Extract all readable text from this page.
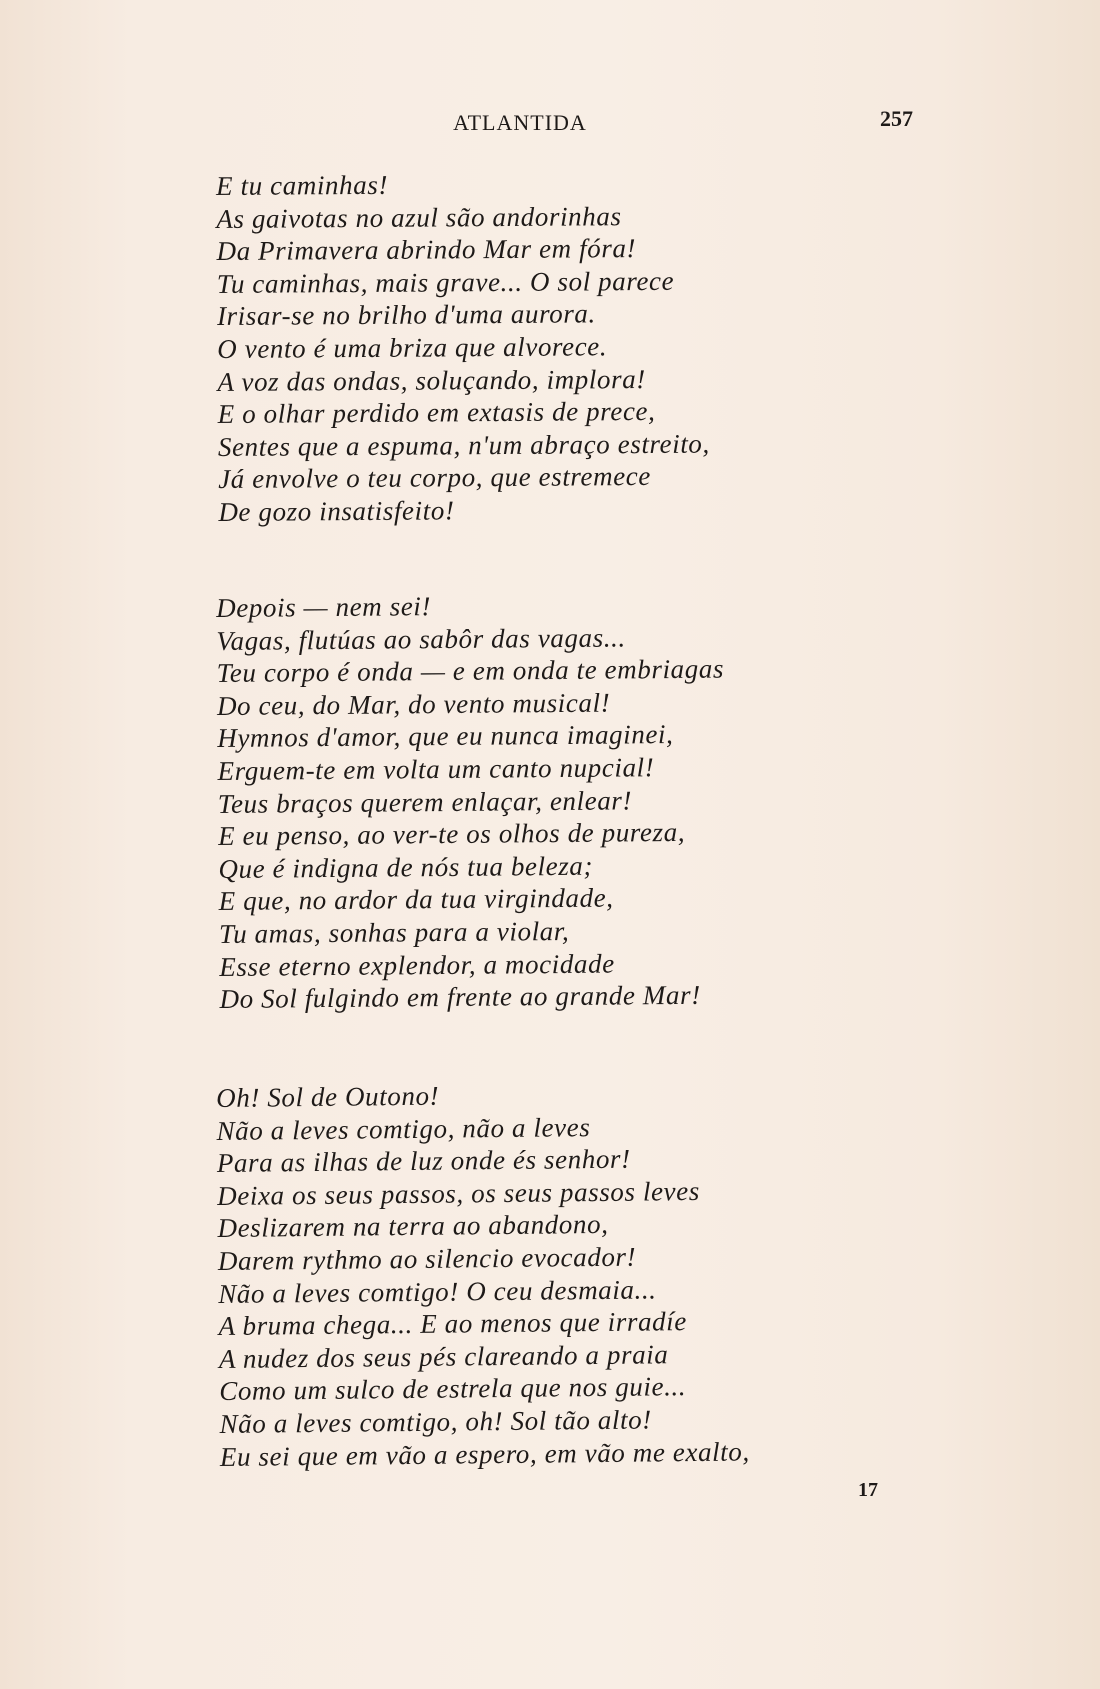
ATLANTIDA	257
E tu caminhas!
As gaivotas no azul são andorinhas
Da Primavera abrindo Mar em fóra!
Tu caminhas, mais grave... O sol parece
Irisar-se no brilho d'uma aurora.
O vento é uma briza que alvorece.
A voz das ondas, soluçando, implora!
E o olhar perdido em extasis de prece,
Sentes que a espuma, n'um abraço estreito,
Já envolve o teu corpo, que estremece
De gozo insatisfeito!
Depois — nem sei!
Vagas, flutúas ao sabôr das vagas...
Teu corpo é onda — e em onda te embriagas
Do ceu, do Mar, do vento musical!
Hymnos d'amor, que eu nunca imaginei,
Erguem-te em volta um canto nupcial!
Teus braços querem enlaçar, enlear!
E eu penso, ao ver-te os olhos de pureza,
Que é indigna de nós tua beleza;
E que, no ardor da tua virgindade,
Tu amas, sonhas para a violar,
Esse eterno explendor, a mocidade
Do Sol fulgindo em frente ao grande Mar!
Oh! Sol de Outono!
Não a leves comtigo, não a leves
Para as ilhas de luz onde és senhor!
Deixa os seus passos, os seus passos leves
Deslizarem na terra ao abandono,
Darem rythmo ao silencio evocador!
Não a leves comtigo! O ceu desmaia...
A bruma chega... E ao menos que irradíe
A nudez dos seus pés clareando a praia
Como um sulco de estrela que nos guie...
Não a leves comtigo, oh! Sol tão alto!
Eu sei que em vão a espero, em vão me exalto,
17
